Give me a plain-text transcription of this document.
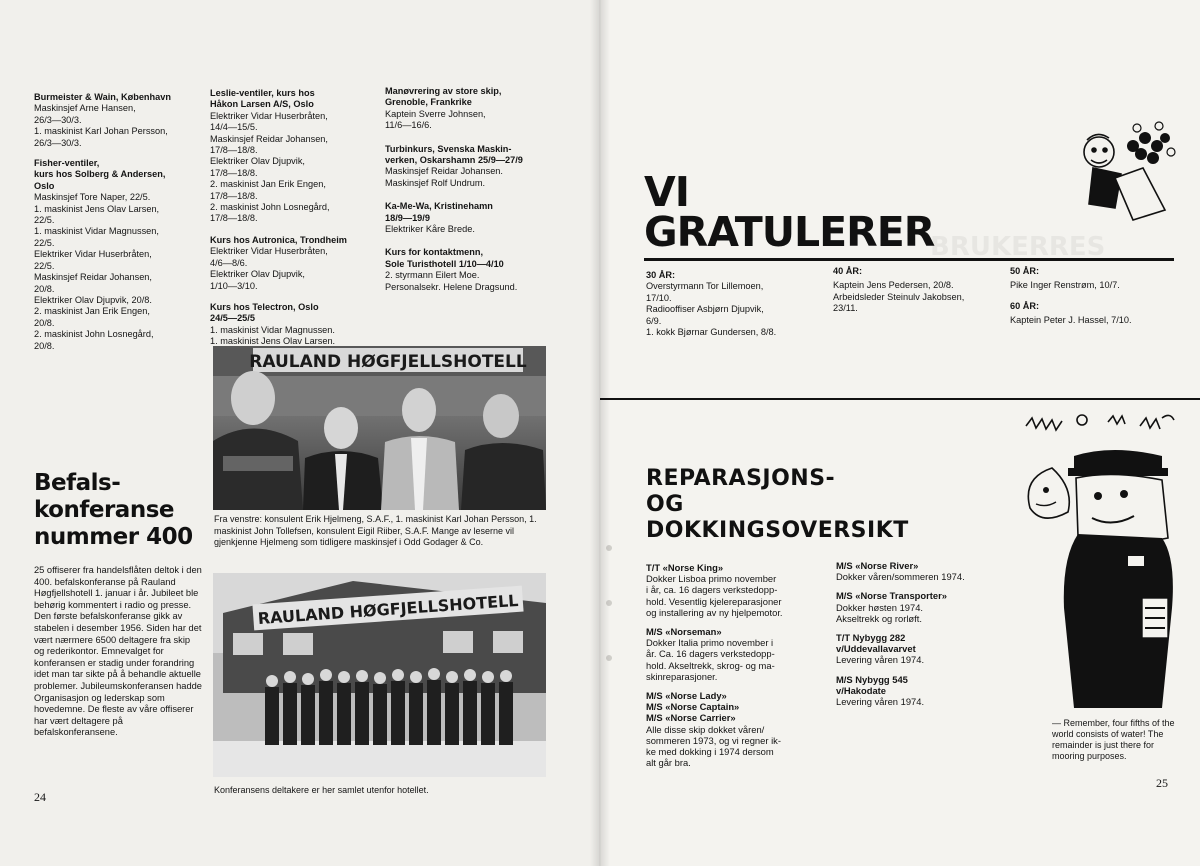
Burmeister & Wain, København
Maskinsjef Arne Hansen,
26/3—30/3.
1. maskinist Karl Johan Persson,
26/3—30/3.
Fisher-ventiler,
kurs hos Solberg & Andersen,
Oslo
Maskinsjef Tore Naper, 22/5.
1. maskinist Jens Olav Larsen,
22/5.
1. maskinist Vidar Magnussen,
22/5.
Elektriker Vidar Huserbråten,
22/5.
Maskinsjef Reidar Johansen,
20/8.
Elektriker Olav Djupvik, 20/8.
2. maskinist Jan Erik Engen,
20/8.
2. maskinist John Losnegård,
20/8.
Leslie-ventiler, kurs hos
Håkon Larsen A/S, Oslo
Elektriker Vidar Huserbråten,
14/4—15/5.
Maskinsjef Reidar Johansen,
17/8—18/8.
Elektriker Olav Djupvik,
17/8—18/8.
2. maskinist Jan Erik Engen,
17/8—18/8.
2. maskinist John Losnegård,
17/8—18/8.
Kurs hos Autronica, Trondheim
Elektriker Vidar Huserbråten,
4/6—8/6.
Elektriker Olav Djupvik,
1/10—3/10.
Kurs hos Telectron, Oslo
24/5—25/5
1. maskinist Vidar Magnussen.
1. maskinist Jens Olav Larsen.
Manøvrering av store skip,
Grenoble, Frankrike
Kaptein Sverre Johnsen,
11/6—16/6.
Turbinkurs, Svenska Maskin-
verken, Oskarshamn 25/9—27/9
Maskinsjef Reidar Johansen.
Maskinsjef Rolf Undrum.
Ka-Me-Wa, Kristinehamn
18/9—19/9
Elektriker Kåre Brede.
Kurs for kontaktmenn,
Sole Turisthotell 1/10—4/10
2. styrmann Eilert Moe.
Personalsekr. Helene Dragsund.
RAULAND HØGFJELLSHOTELL
Fra venstre: konsulent Erik Hjelmeng, S.A.F., 1. maskinist Karl Johan Persson, 1. maskinist John Tollefsen, konsulent Eigil Riiber, S.A.F. Mange av leserne vil gjenkjenne Hjelmeng som tidligere maskinsjef i Odd Godager & Co.
RAULAND HØGFJELLSHOTELL
Konferansens deltakere er her samlet utenfor hotellet.
Befals-
konferanse
nummer 400
25 offiserer fra handelsflåten deltok i den 400. befalskonferanse på Rauland Høgfjellshotell 1. januar i år. Jubileet ble behørig kommentert i radio og presse. Den første befalskonferanse gikk av stabelen i desember 1956. Siden har det vært nærmere 6500 deltagere fra skip og rederikontor. Emnevalget for konferansen er stadig under forandring idet man tar sikte på å behandle aktuelle problemer. Jubileumskonferansen hadde Organisasjon og lederskap som hovedemne. De fleste av våre offiserer har vært deltagere på befalskonferansene.
24
BRUKERRES
VI
GRATULERER
30 ÅR:
Overstyrmann Tor Lillemoen,
17/10.
Radiooffiser Asbjørn Djupvik,
6/9.
1. kokk Bjørnar Gundersen, 8/8.
40 ÅR:
Kaptein Jens Pedersen, 20/8.
Arbeidsleder Steinulv Jakobsen,
23/11.
50 ÅR:
Pike Inger Renstrøm, 10/7.
60 ÅR:
Kaptein Peter J. Hassel, 7/10.
REPARASJONS-
OG
DOKKINGSOVERSIKT
T/T «Norse King»
Dokker Lisboa primo november
i år, ca. 16 dagers verkstedopp-
hold. Vesentlig kjelereparasjoner
og installering av ny hjelpemotor.
M/S «Norseman»
Dokker Italia primo november i
år. Ca. 16 dagers verkstedopp-
hold. Akseltrekk, skrog- og ma-
skinreparasjoner.
M/S «Norse Lady»
M/S «Norse Captain»
M/S «Norse Carrier»
Alle disse skip dokket våren/
sommeren 1973, og vi regner ik-
ke med dokking i 1974 dersom
alt går bra.
M/S «Norse River»
Dokker våren/sommeren 1974.
M/S «Norse Transporter»
Dokker høsten 1974.
Akseltrekk og rorløft.
T/T Nybygg 282
v/Uddevallavarvet
Levering våren 1974.
M/S Nybygg 545
v/Hakodate
Levering våren 1974.
— Remember, four fifths of the world consists of water! The remainder is just there for mooring purposes.
25
